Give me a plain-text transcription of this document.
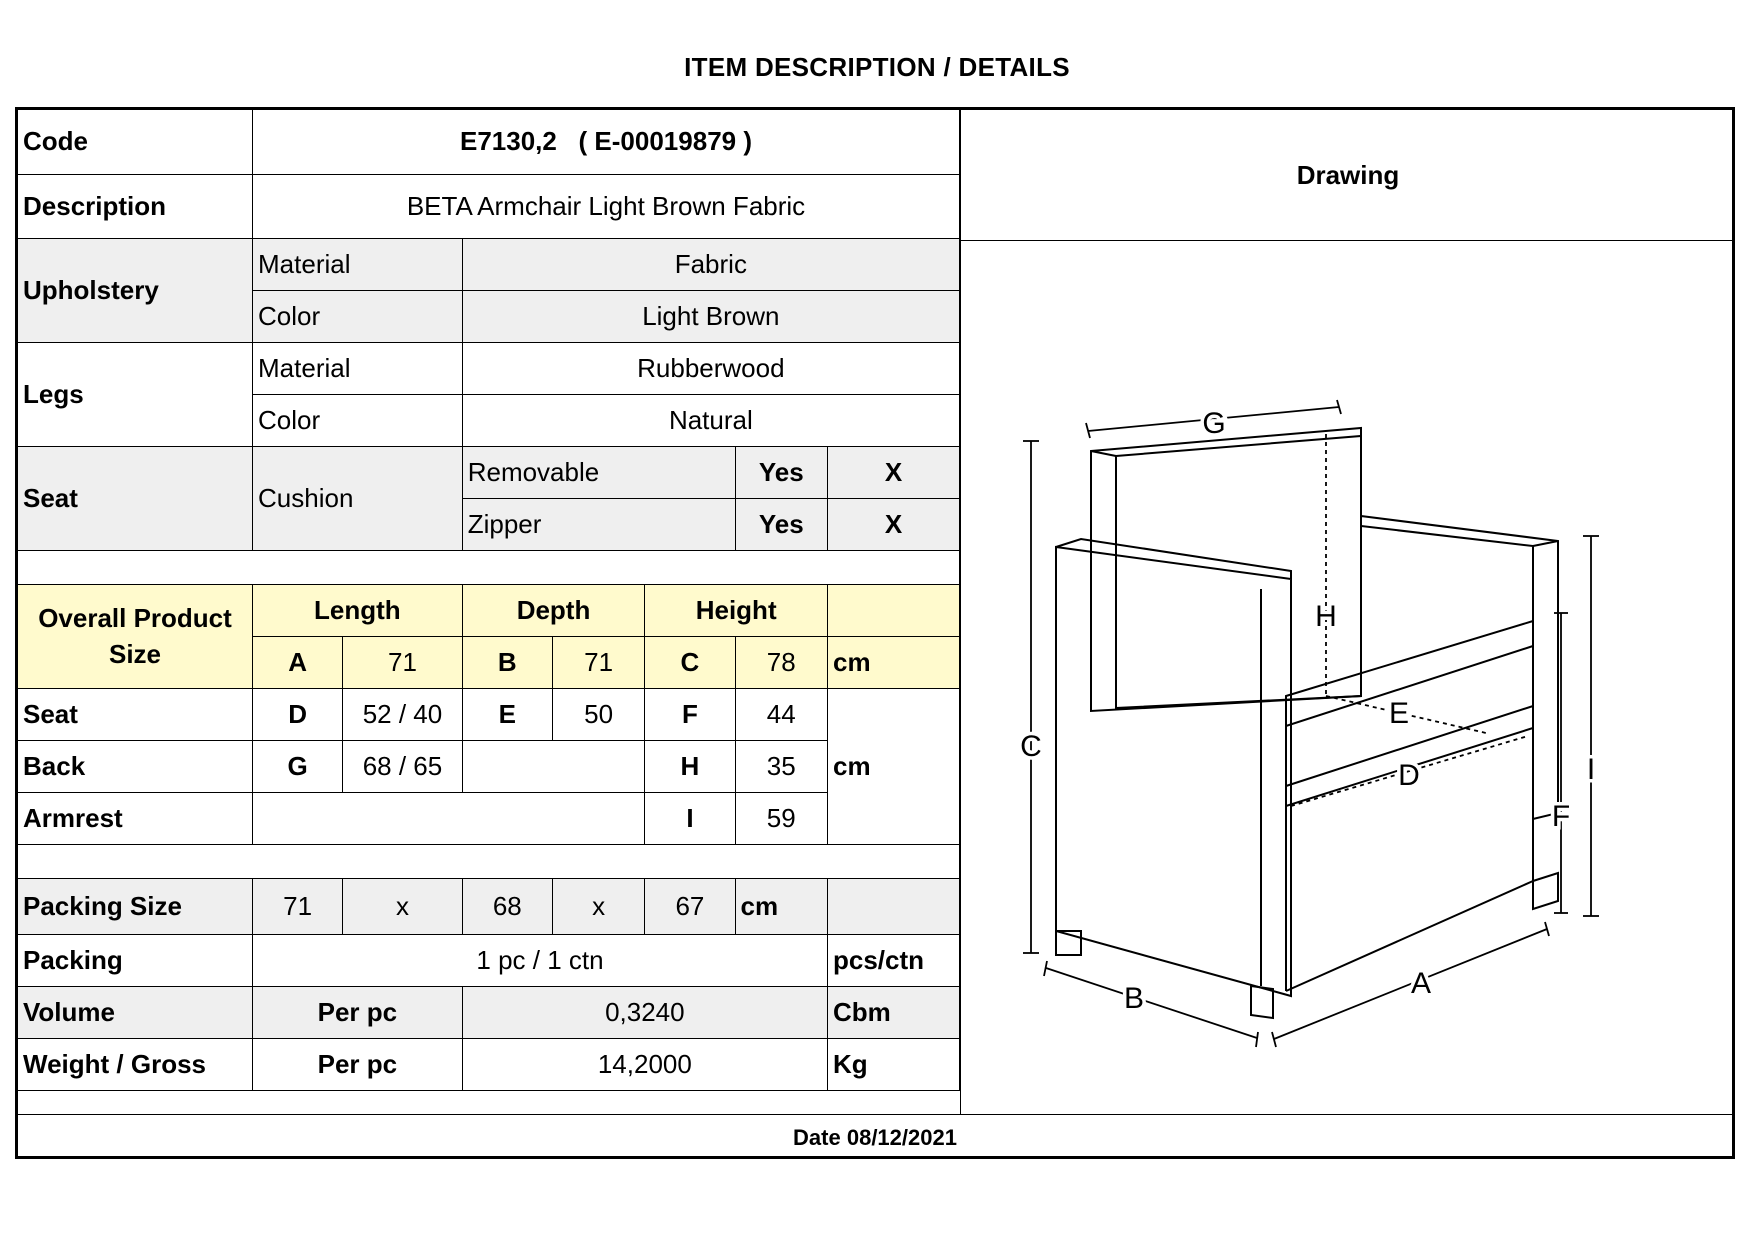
ITEM DESCRIPTION / DETAILS
Code	E7130,2 ( E-00019879 )						
Description	BETA Armchair Light Brown Fabric						
Upholstery	Material		Fabric				
	Color		Light Brown				
Legs	Material		Rubberwood				
	Color		Natural				
Seat	Cushion		Removable			Yes	X
			Zipper			Yes	X

Overall Product Size	Length		Depth		Height		
	A	71	B	71	C	78	cm
Seat	D	52 / 40	E	50	F	44	cm
Back	G	68 / 65			H	35	
Armrest					I	59	

Packing Size	71	x	68	x	67	cm	
Packing	1 pc / 1 ctn						pcs/ctn
Volume	Per pc		0,3240				Cbm
Weight / Gross	Per pc		14,2000				Kg
Drawing
G
H
E
D
C
I
F
B	A
Date 08/12/2021
